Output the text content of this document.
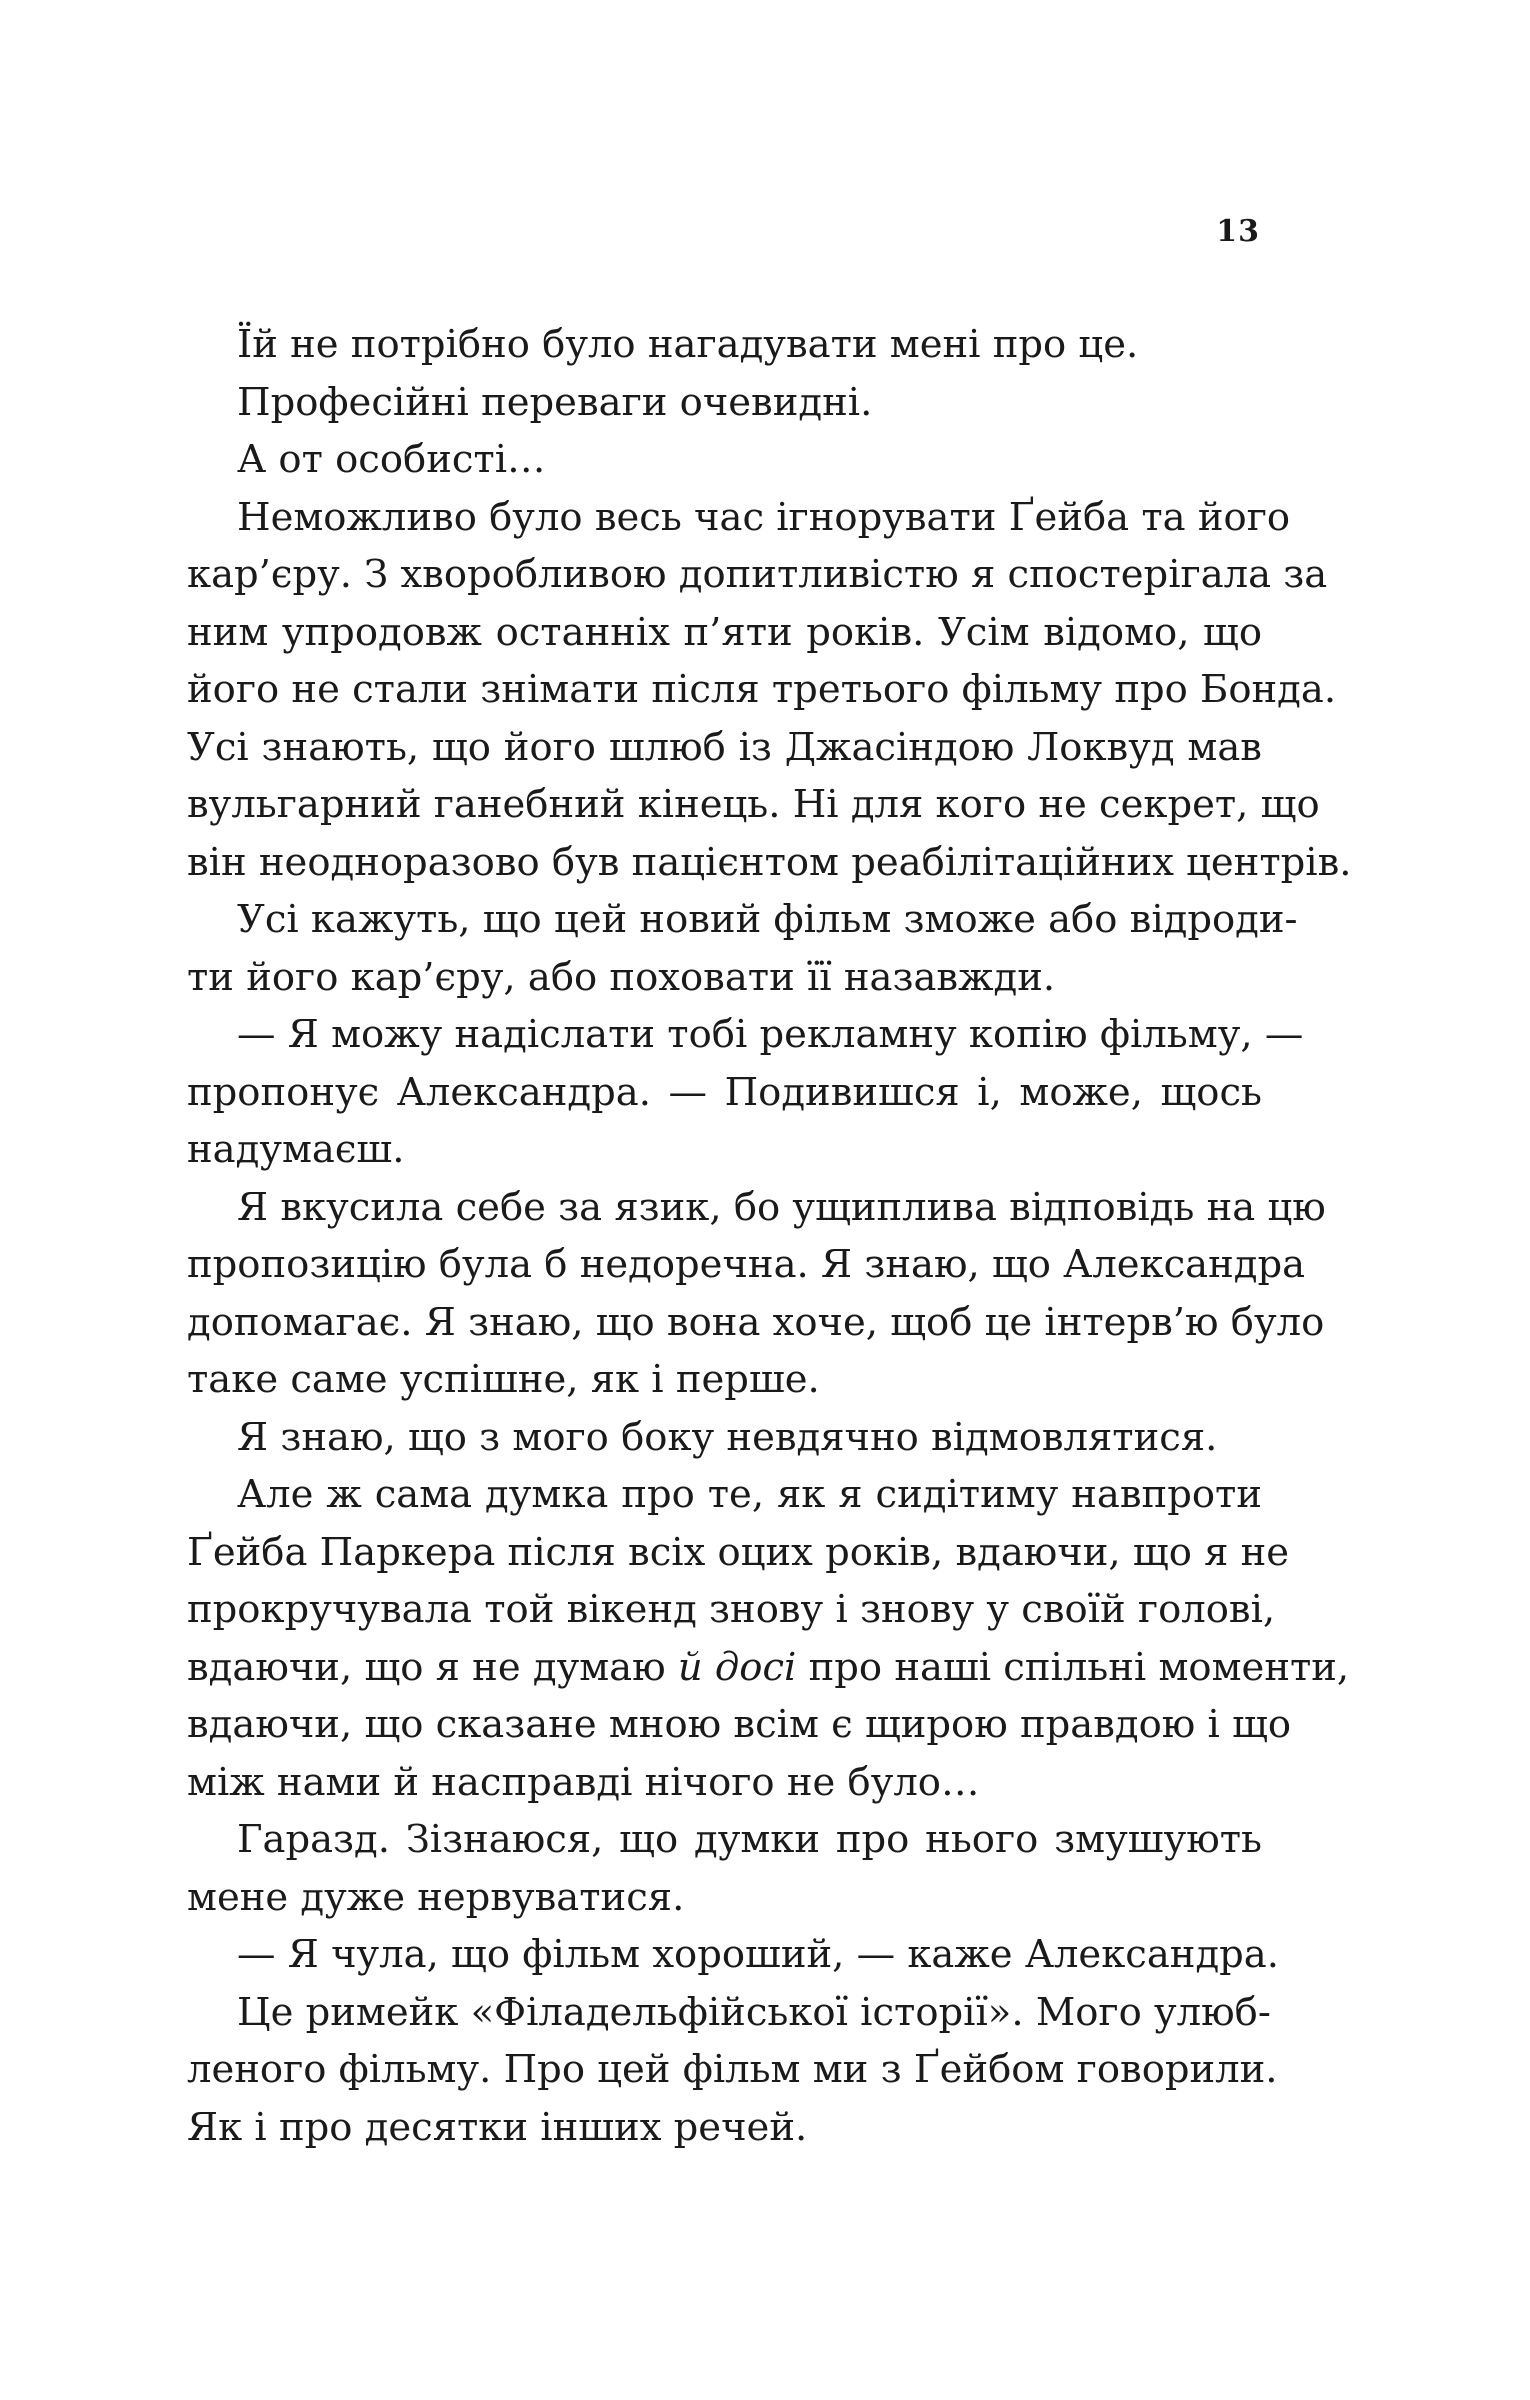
13
Їй не потрібно було нагадувати мені про це.
Професійні переваги очевидні.
А от особисті…
Неможливо було весь час ігнорувати Ґейба та його
кар’єру. З хворобливою допитливістю я спостерігала за
ним упродовж останніх п’яти років. Усім відомо, що
його не стали знімати після третього фільму про Бонда.
Усі знають, що його шлюб із Джасіндою Локвуд мав
вульгарний ганебний кінець. Ні для кого не секрет, що
він неодноразово був пацієнтом реабілітаційних центрів.
Усі кажуть, що цей новий фільм зможе або відроди-
ти його кар’єру, або поховати її назавжди.
— Я можу надіслати тобі рекламну копію фільму, —
пропонує Александра. — Подивишся і, може, щось
надумаєш.
Я вкусила себе за язик, бо ущиплива відповідь на цю
пропозицію була б недоречна. Я знаю, що Александра
допомагає. Я знаю, що вона хоче, щоб це інтерв’ю було
таке саме успішне, як і перше.
Я знаю, що з мого боку невдячно відмовлятися.
Але ж сама думка про те, як я сидітиму навпроти
Ґейба Паркера після всіх оцих років, вдаючи, що я не
прокручувала той вікенд знову і знову у своїй голові,
вдаючи, що я не думаю й досі про наші спільні моменти,
вдаючи, що сказане мною всім є щирою правдою і що
між нами й насправді нічого не було…
Гаразд. Зізнаюся, що думки про нього змушують
мене дуже нервуватися.
— Я чула, що фільм хороший, — каже Александра.
Це римейк «Філадельфійської історії». Мого улюб-
леного фільму. Про цей фільм ми з Ґейбом говорили.
Як і про десятки інших речей.
